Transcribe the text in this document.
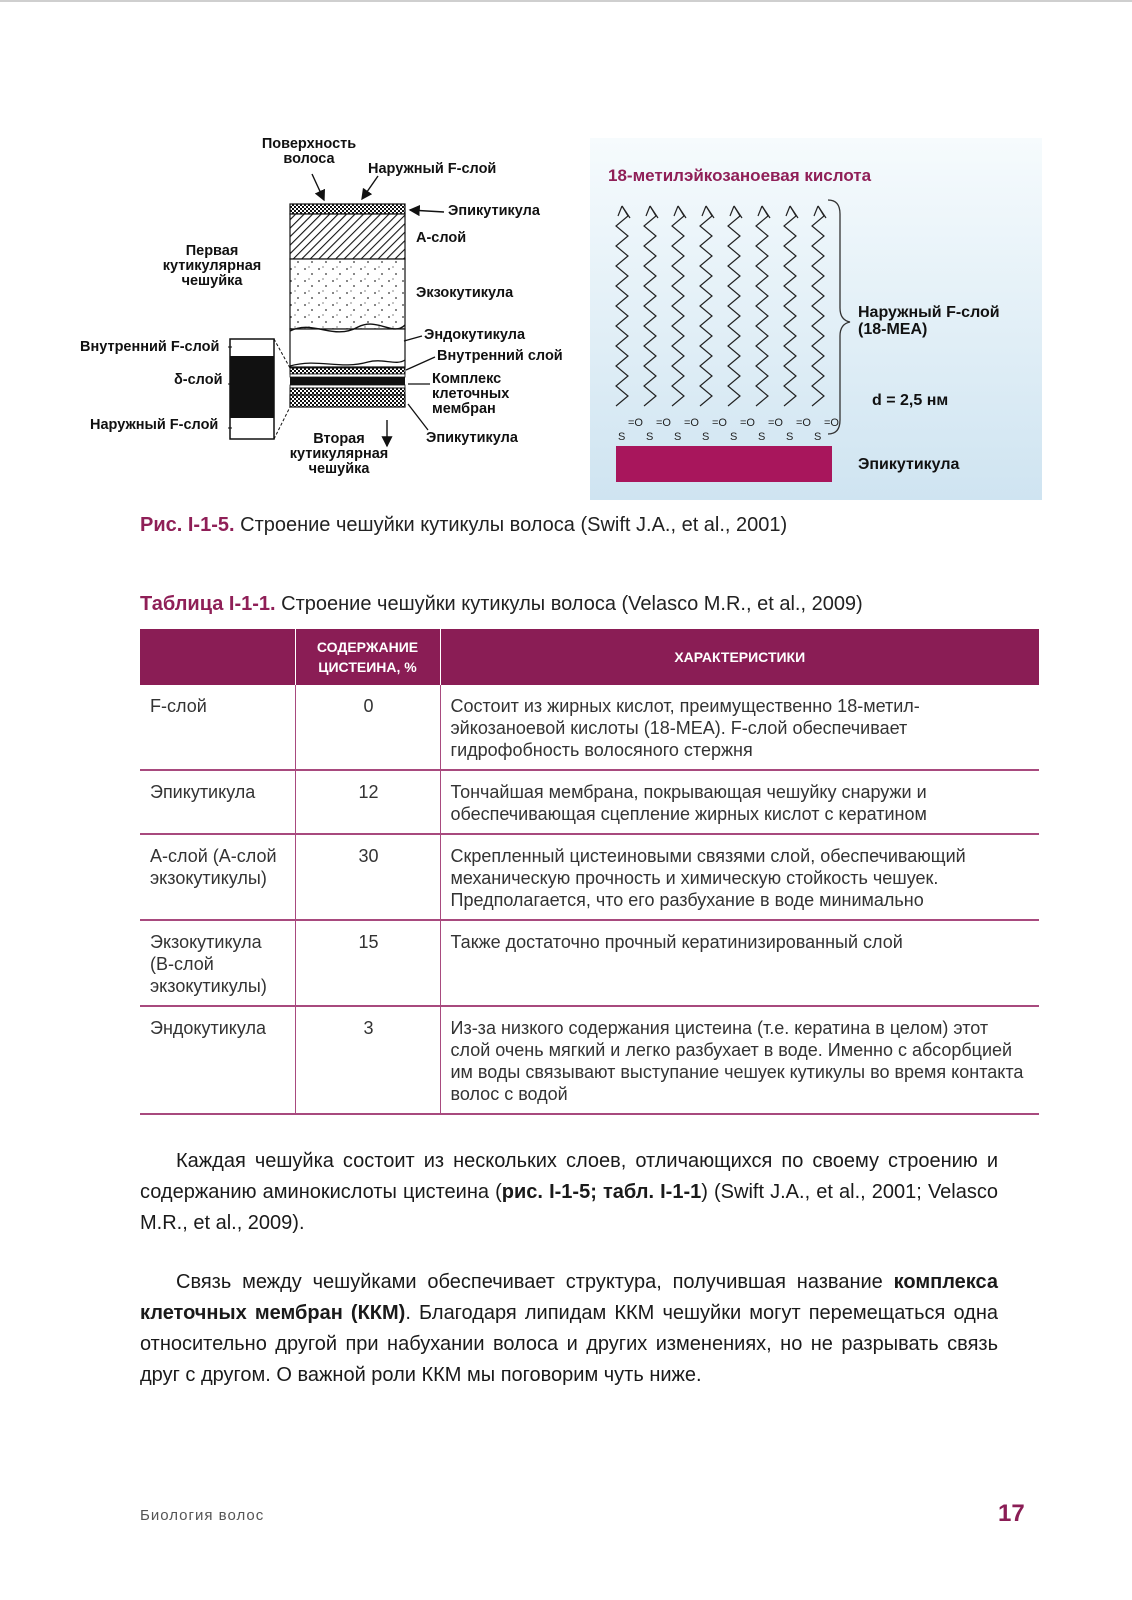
Поверхность
волоса
Наружный F-слой
Эпикутикула
А-слой
Первая
кутикулярная
чешуйка
Экзокутикула
Эндокутикула
Внутренний слой
Внутренний F-слой
δ-слой
Наружный F-слой
Комплекс
клеточных
мембран
Вторая
кутикулярная
чешуйка
Эпикутикула
=O
S
=O
S
=O
S
=O
S
=O
S
=O
S
=O
S
=O
S
18-метилэйкозаноевая кислота
Наружный F-слой
(18-MEA)
d = 2,5 нм
Эпикутикула
Рис. I-1-5. Строение чешуйки кутикулы волоса (Swift J.A., et al., 2001)
Таблица I-1-1. Строение чешуйки кутикулы волоса (Velasco M.R., et al., 2009)
	СОДЕРЖАНИЕ ЦИСТЕИНА, %	ХАРАКТЕРИСТИКИ
F-слой	0	Состоит из жирных кислот, преимущественно 18-метил-эйкозаноевой кислоты (18-MEA). F-слой обеспечивает гидрофобность волосяного стержня
Эпикутикула	12	Тончайшая мембрана, покрывающая чешуйку снаружи и обеспечивающая сцепление жирных кислот с кератином
А-слой (А-слой экзокутикулы)	30	Скрепленный цистеиновыми связями слой, обеспечивающий механическую прочность и химическую стойкость чешуек. Предполагается, что его разбухание в воде минимально
Экзокутикула (В-слой экзокутикулы)	15	Также достаточно прочный кератинизированный слой
Эндокутикула	3	Из-за низкого содержания цистеина (т.е. кератина в целом) этот слой очень мягкий и легко разбухает в воде. Именно с абсорбцией им воды связывают выступание чешуек кутикулы во время контакта волос с водой

Каждая чешуйка состоит из нескольких слоев, отличающихся по своему строению и содержанию аминокислоты цистеина (рис. I-1-5; табл. I-1-1) (Swift J.A., et al., 2001; Velasco M.R., et al., 2009).

Связь между чешуйками обеспечивает структура, получившая название комплекса клеточных мембран (ККМ). Благодаря липидам ККМ чешуйки могут перемещаться одна относительно другой при набухании волоса и других изменениях, но не разрывать связь друг с другом. О важной роли ККМ мы поговорим чуть ниже.

Биология волос	17
